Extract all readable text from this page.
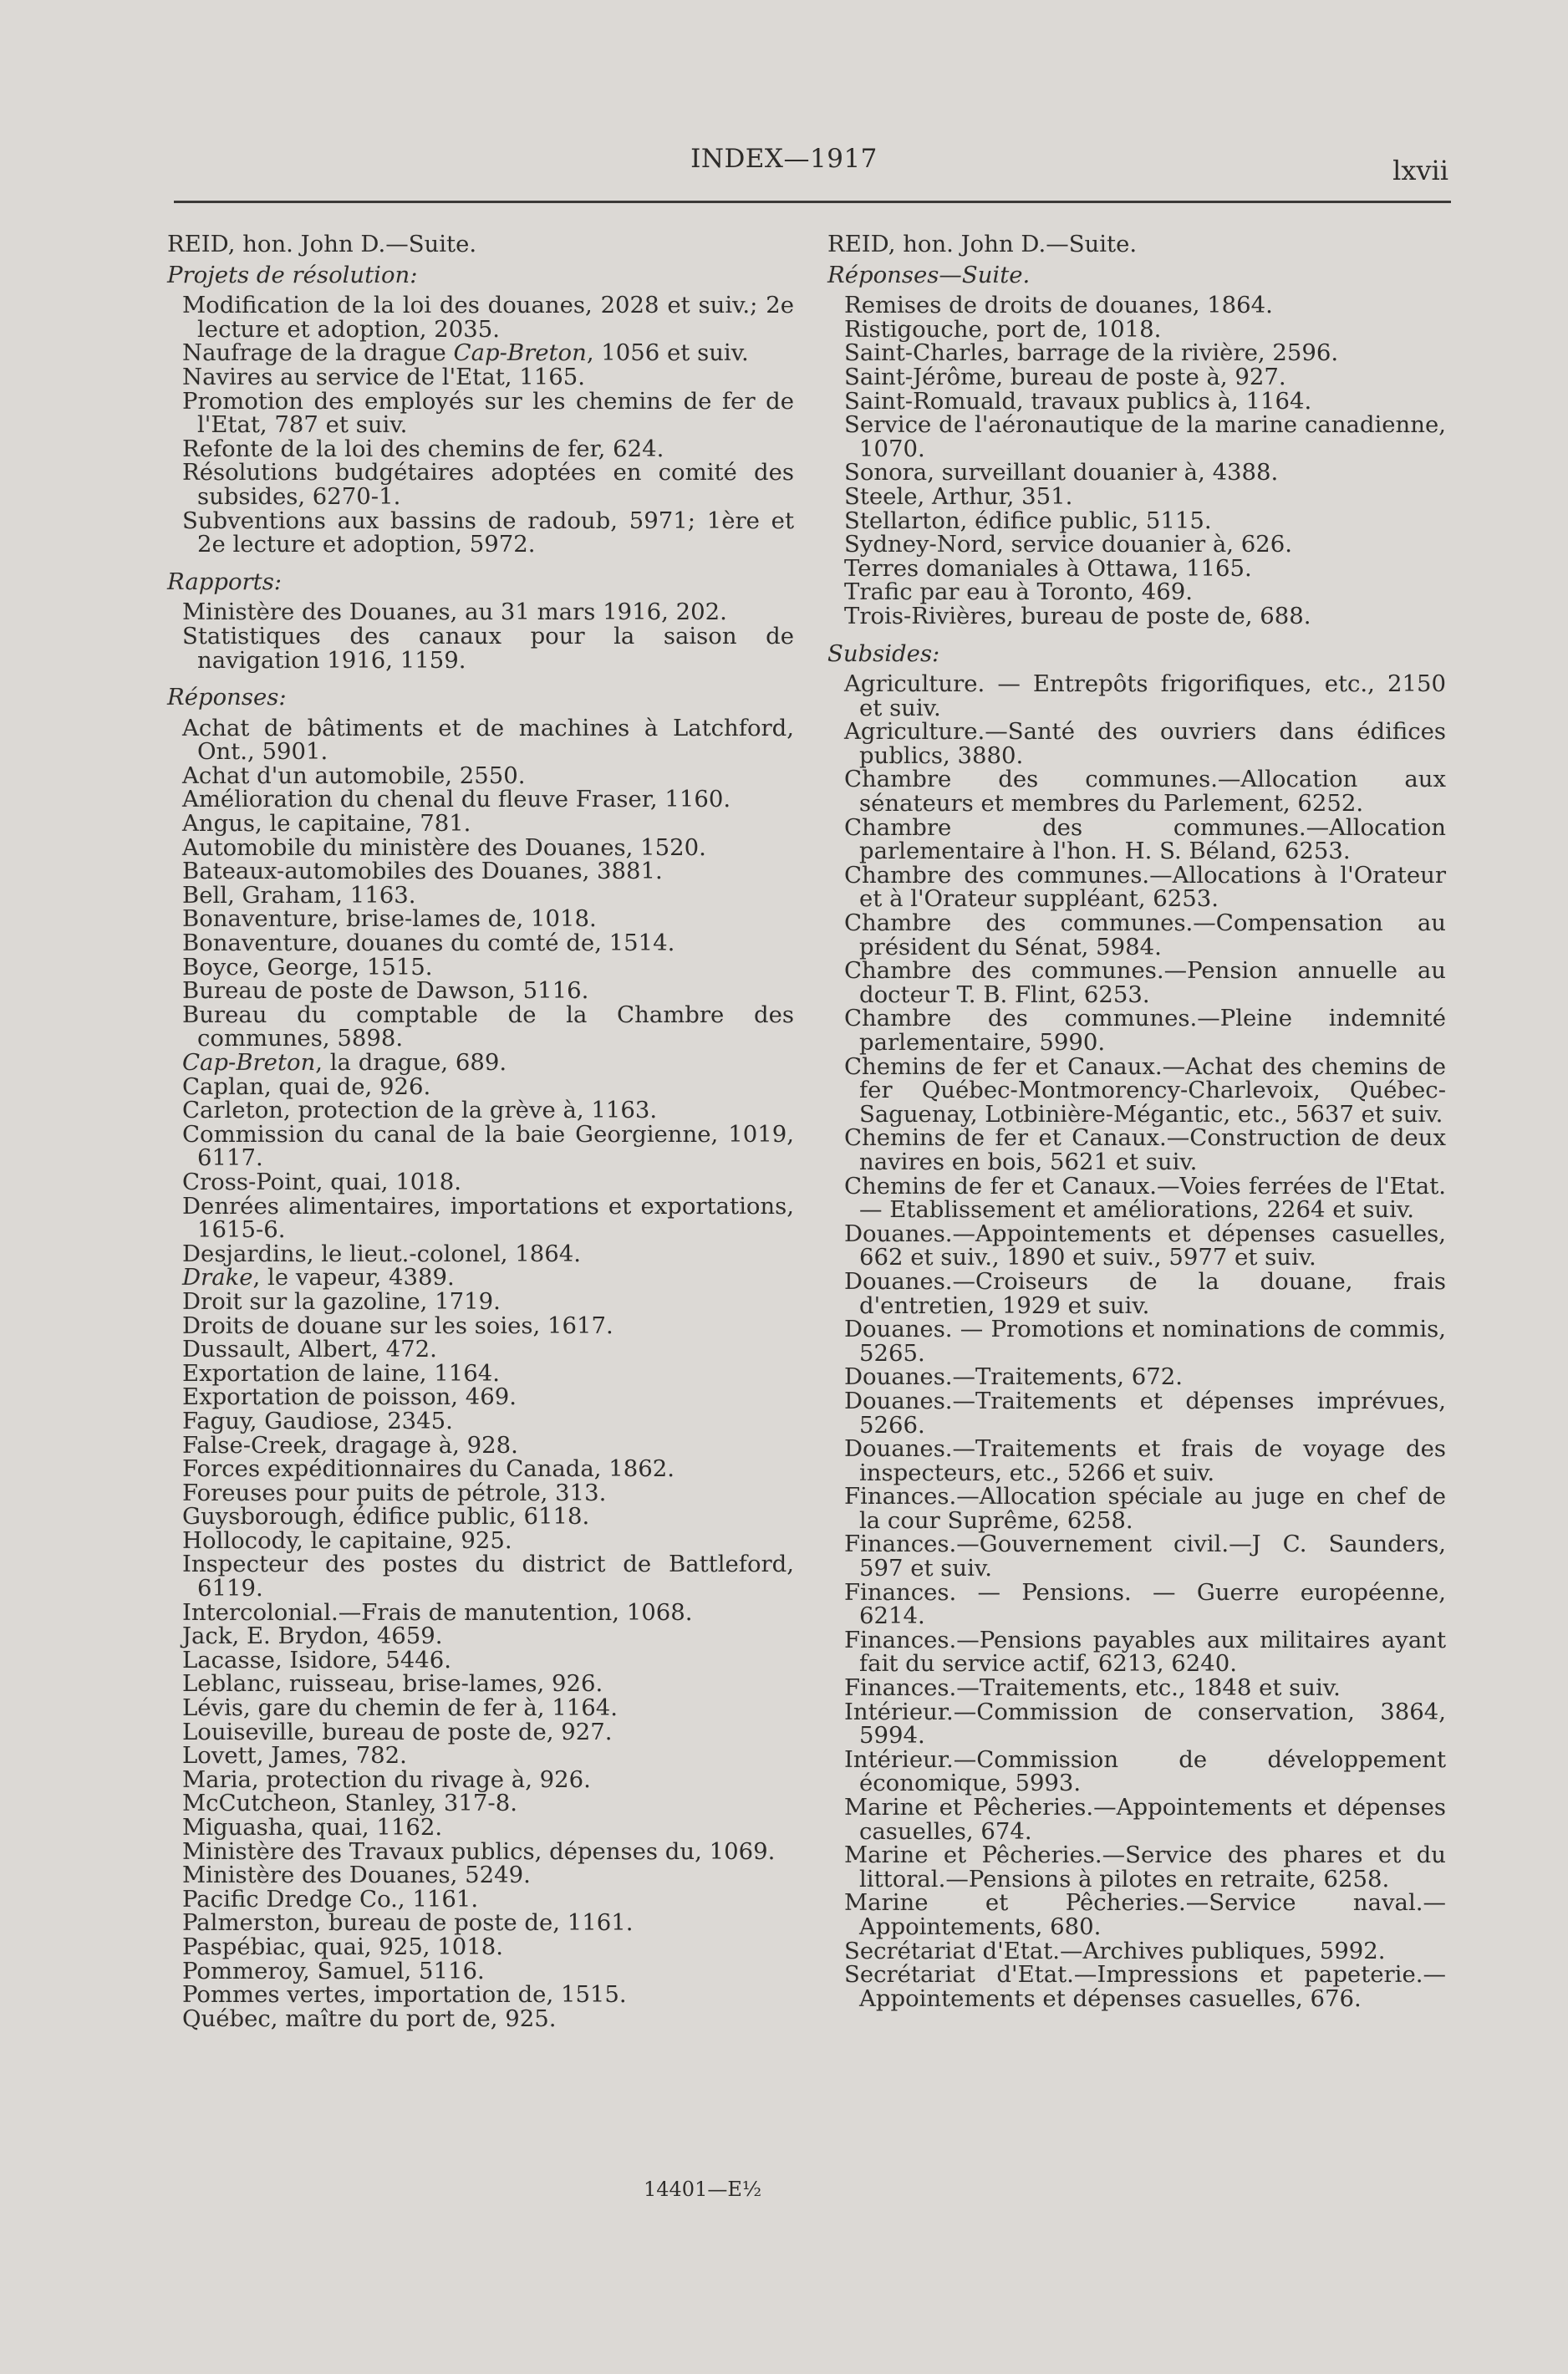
INDEX—1917	lxvii
REID, hon. John D.—Suite.
Projets de résolution:
Modification de la loi des douanes, 2028 et suiv.; 2e lecture et adoption, 2035.
Naufrage de la drague Cap-Breton, 1056 et suiv.
Navires au service de l'Etat, 1165.
Promotion des employés sur les chemins de fer de l'Etat, 787 et suiv.
Refonte de la loi des chemins de fer, 624.
Résolutions budgétaires adoptées en comité des subsides, 6270-1.
Subventions aux bassins de radoub, 5971; 1ère et 2e lecture et adoption, 5972.
Rapports:
Ministère des Douanes, au 31 mars 1916, 202.
Statistiques des canaux pour la saison de navigation 1916, 1159.
Réponses:
Achat de bâtiments et de machines à Latchford, Ont., 5901.
Achat d'un automobile, 2550.
Amélioration du chenal du fleuve Fraser, 1160.
Angus, le capitaine, 781.
Automobile du ministère des Douanes, 1520.
Bateaux-automobiles des Douanes, 3881.
Bell, Graham, 1163.
Bonaventure, brise-lames de, 1018.
Bonaventure, douanes du comté de, 1514.
Boyce, George, 1515.
Bureau de poste de Dawson, 5116.
Bureau du comptable de la Chambre des communes, 5898.
Cap-Breton, la drague, 689.
Caplan, quai de, 926.
Carleton, protection de la grève à, 1163.
Commission du canal de la baie Georgienne, 1019, 6117.
Cross-Point, quai, 1018.
Denrées alimentaires, importations et exportations, 1615-6.
Desjardins, le lieut.-colonel, 1864.
Drake, le vapeur, 4389.
Droit sur la gazoline, 1719.
Droits de douane sur les soies, 1617.
Dussault, Albert, 472.
Exportation de laine, 1164.
Exportation de poisson, 469.
Faguy, Gaudiose, 2345.
False-Creek, dragage à, 928.
Forces expéditionnaires du Canada, 1862.
Foreuses pour puits de pétrole, 313.
Guysborough, édifice public, 6118.
Hollocody, le capitaine, 925.
Inspecteur des postes du district de Battleford, 6119.
Intercolonial.—Frais de manutention, 1068.
Jack, E. Brydon, 4659.
Lacasse, Isidore, 5446.
Leblanc, ruisseau, brise-lames, 926.
Lévis, gare du chemin de fer à, 1164.
Louiseville, bureau de poste de, 927.
Lovett, James, 782.
Maria, protection du rivage à, 926.
McCutcheon, Stanley, 317-8.
Miguasha, quai, 1162.
Ministère des Travaux publics, dépenses du, 1069.
Ministère des Douanes, 5249.
Pacific Dredge Co., 1161.
Palmerston, bureau de poste de, 1161.
Paspébiac, quai, 925, 1018.
Pommeroy, Samuel, 5116.
Pommes vertes, importation de, 1515.
Québec, maître du port de, 925.
REID, hon. John D.—Suite.
Réponses—Suite.
Remises de droits de douanes, 1864.
Ristigouche, port de, 1018.
Saint-Charles, barrage de la rivière, 2596.
Saint-Jérôme, bureau de poste à, 927.
Saint-Romuald, travaux publics à, 1164.
Service de l'aéronautique de la marine canadienne, 1070.
Sonora, surveillant douanier à, 4388.
Steele, Arthur, 351.
Stellarton, édifice public, 5115.
Sydney-Nord, service douanier à, 626.
Terres domaniales à Ottawa, 1165.
Trafic par eau à Toronto, 469.
Trois-Rivières, bureau de poste de, 688.
Subsides:
Agriculture. — Entrepôts frigorifiques, etc., 2150 et suiv.
Agriculture.—Santé des ouvriers dans édifices publics, 3880.
Chambre des communes.—Allocation aux sénateurs et membres du Parlement, 6252.
Chambre des communes.—Allocation parlementaire à l'hon. H. S. Béland, 6253.
Chambre des communes.—Allocations à l'Orateur et à l'Orateur suppléant, 6253.
Chambre des communes.—Compensation au président du Sénat, 5984.
Chambre des communes.—Pension annuelle au docteur T. B. Flint, 6253.
Chambre des communes.—Pleine indemnité parlementaire, 5990.
Chemins de fer et Canaux.—Achat des chemins de fer Québec-Montmorency-Charlevoix, Québec-Saguenay, Lotbinière-Mégantic, etc., 5637 et suiv.
Chemins de fer et Canaux.—Construction de deux navires en bois, 5621 et suiv.
Chemins de fer et Canaux.—Voies ferrées de l'Etat. — Etablissement et améliorations, 2264 et suiv.
Douanes.—Appointements et dépenses casuelles, 662 et suiv., 1890 et suiv., 5977 et suiv.
Douanes.—Croiseurs de la douane, frais d'entretien, 1929 et suiv.
Douanes. — Promotions et nominations de commis, 5265.
Douanes.—Traitements, 672.
Douanes.—Traitements et dépenses imprévues, 5266.
Douanes.—Traitements et frais de voyage des inspecteurs, etc., 5266 et suiv.
Finances.—Allocation spéciale au juge en chef de la cour Suprême, 6258.
Finances.—Gouvernement civil.—J C. Saunders, 597 et suiv.
Finances. — Pensions. — Guerre européenne, 6214.
Finances.—Pensions payables aux militaires ayant fait du service actif, 6213, 6240.
Finances.—Traitements, etc., 1848 et suiv.
Intérieur.—Commission de conservation, 3864, 5994.
Intérieur.—Commission de développement économique, 5993.
Marine et Pêcheries.—Appointements et dépenses casuelles, 674.
Marine et Pêcheries.—Service des phares et du littoral.—Pensions à pilotes en retraite, 6258.
Marine et Pêcheries.—Service naval.—Appointements, 680.
Secrétariat d'Etat.—Archives publiques, 5992.
Secrétariat d'Etat.—Impressions et papeterie.—Appointements et dépenses casuelles, 676.
14401—E½
